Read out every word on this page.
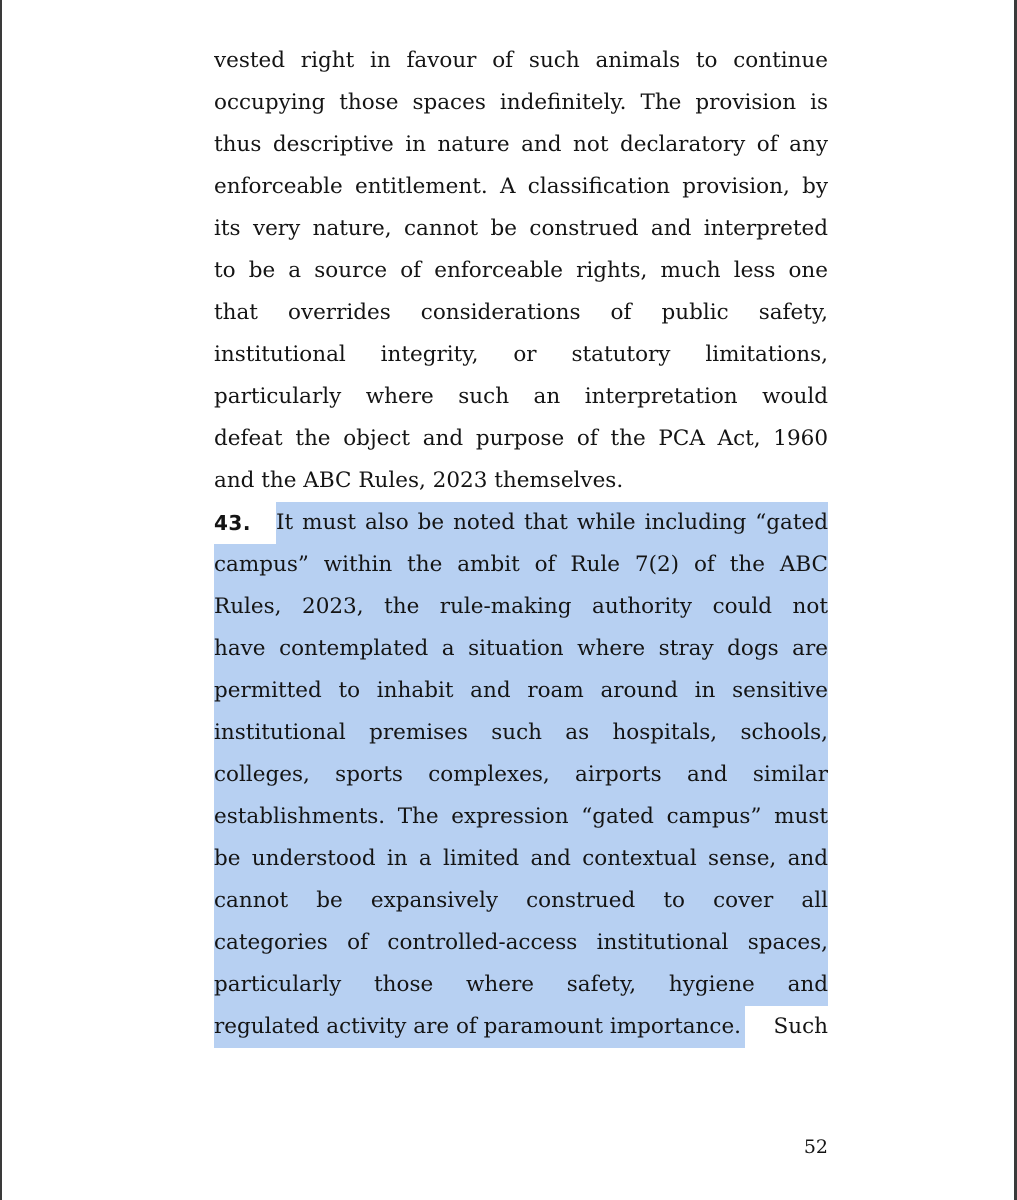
vested right in favour of such animals to continue
occupying those spaces indefinitely. The provision is
thus descriptive in nature and not declaratory of any
enforceable entitlement. A classification provision, by
its very nature, cannot be construed and interpreted
to be a source of enforceable rights, much less one
that overrides considerations of public safety,
institutional integrity, or statutory limitations,
particularly where such an interpretation would
defeat the object and purpose of the PCA Act, 1960
and the ABC Rules, 2023 themselves.
43.	It must also be noted that while including “gated
campus” within the ambit of Rule 7(2) of the ABC
Rules, 2023, the rule-making authority could not
have contemplated a situation where stray dogs are
permitted to inhabit and roam around in sensitive
institutional premises such as hospitals, schools,
colleges, sports complexes, airports and similar
establishments. The expression “gated campus” must
be understood in a limited and contextual sense, and
cannot be expansively construed to cover all
categories of controlled-access institutional spaces,
particularly those where safety, hygiene and
regulated activity are of paramount importance. Such
52
